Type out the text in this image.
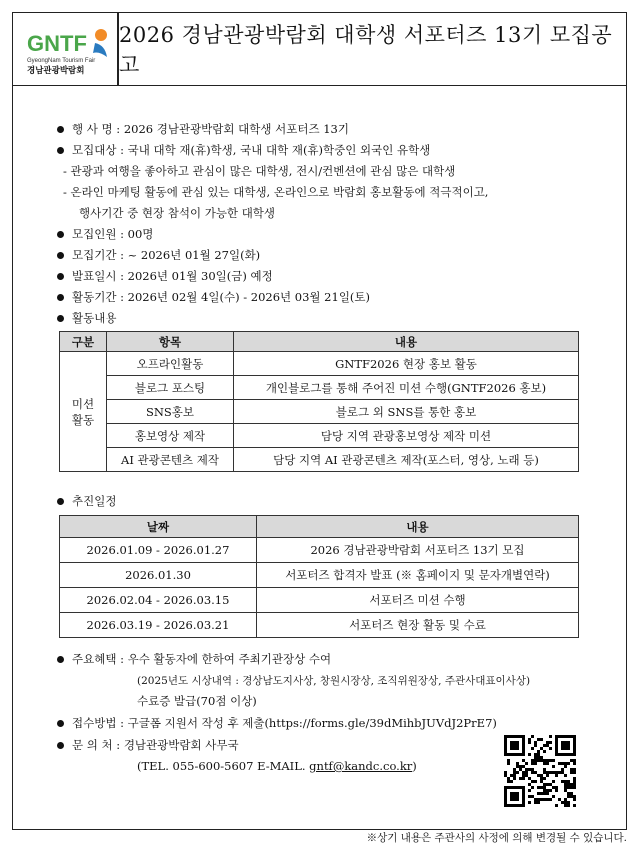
GNTF
GyeongNam Tourism Fair
경남관광박람회
2026 경남관광박람회 대학생 서포터즈 13기 모집공고
행 사 명 : 2026 경남관광박람회 대학생 서포터즈 13기
모집대상 : 국내 대학 재(휴)학생, 국내 대학 재(휴)학중인 외국인 유학생
- 관광과 여행을 좋아하고 관심이 많은 대학생, 전시/컨벤션에 관심 많은 대학생
- 온라인 마케팅 활동에 관심 있는 대학생, 온라인으로 박람회 홍보활동에 적극적이고,
행사기간 중 현장 참석이 가능한 대학생
모집인원 : 00명
모집기간 : ~ 2026년 01월 27일(화)
발표일시 : 2026년 01월 30일(금) 예정
활동기간 : 2026년 02월 4일(수) - 2026년 03월 21일(토)
활동내용
구분	항목	내용
미션
활동	오프라인활동	GNTF2026 현장 홍보 활동
	블로그 포스팅	개인블로그를 통해 주어진 미션 수행(GNTF2026 홍보)
	SNS홍보	블로그 외 SNS를 통한 홍보
	홍보영상 제작	담당 지역 관광홍보영상 제작 미션
	AI 관광콘텐츠 제작	담당 지역 AI 관광콘텐츠 제작(포스터, 영상, 노래 등)
추진일정
날짜	내용
2026.01.09 - 2026.01.27	2026 경남관광박람회 서포터즈 13기 모집
2026.01.30	서포터즈 합격자 발표 (※ 홈페이지 및 문자개별연락)
2026.02.04 - 2026.03.15	서포터즈 미션 수행
2026.03.19 - 2026.03.21	서포터즈 현장 활동 및 수료
주요혜택 : 우수 활동자에 한하여 주최기관장상 수여
(2025년도 시상내역 : 경상남도지사상, 창원시장상, 조직위원장상, 주관사대표이사상)
수료증 발급(70점 이상)
접수방법 : 구글폼 지원서 작성 후 제출(https://forms.gle/39dMihbJUVdJ2PrE7)
문 의 처 : 경남관광박람회 사무국
(TEL. 055-600-5607 E-MAIL. gntf@kandc.co.kr)
※상기 내용은 주관사의 사정에 의해 변경될 수 있습니다.
